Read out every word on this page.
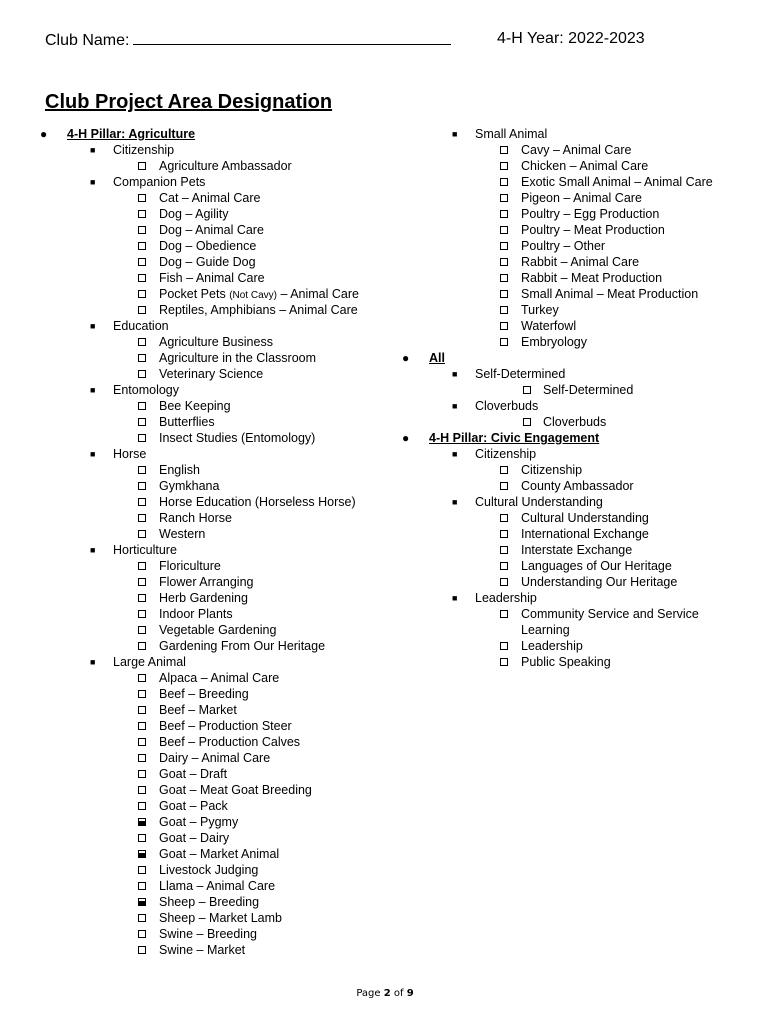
Club Name:	4-H Year: 2022-2023
Club Project Area Designation
● 4-H Pillar: Agriculture
■ Citizenship
Agriculture Ambassador
■ Companion Pets
Cat – Animal Care
Dog – Agility
Dog – Animal Care
Dog – Obedience
Dog – Guide Dog
Fish – Animal Care
Pocket Pets (Not Cavy) – Animal Care
Reptiles, Amphibians – Animal Care
■ Education
Agriculture Business
Agriculture in the Classroom
Veterinary Science
■ Entomology
Bee Keeping
Butterflies
Insect Studies (Entomology)
■ Horse
English
Gymkhana
Horse Education (Horseless Horse)
Ranch Horse
Western
■ Horticulture
Floriculture
Flower Arranging
Herb Gardening
Indoor Plants
Vegetable Gardening
Gardening From Our Heritage
■ Large Animal
Alpaca – Animal Care
Beef – Breeding
Beef – Market
Beef – Production Steer
Beef – Production Calves
Dairy – Animal Care
Goat – Draft
Goat – Meat Goat Breeding
Goat – Pack
Goat – Pygmy
Goat – Dairy
Goat – Market Animal
Livestock Judging
Llama – Animal Care
Sheep – Breeding
Sheep – Market Lamb
Swine – Breeding
Swine – Market
■ Small Animal
Cavy – Animal Care
Chicken – Animal Care
Exotic Small Animal – Animal Care
Pigeon – Animal Care
Poultry – Egg Production
Poultry – Meat Production
Poultry – Other
Rabbit – Animal Care
Rabbit – Meat Production
Small Animal – Meat Production
Turkey
Waterfowl
Embryology
● All
■ Self-Determined
Self-Determined
■ Cloverbuds
Cloverbuds
● 4-H Pillar: Civic Engagement
■ Citizenship
Citizenship
County Ambassador
■ Cultural Understanding
Cultural Understanding
International Exchange
Interstate Exchange
Languages of Our Heritage
Understanding Our Heritage
■ Leadership
Community Service and Service Learning
Leadership
Public Speaking
Page 2 of 9
